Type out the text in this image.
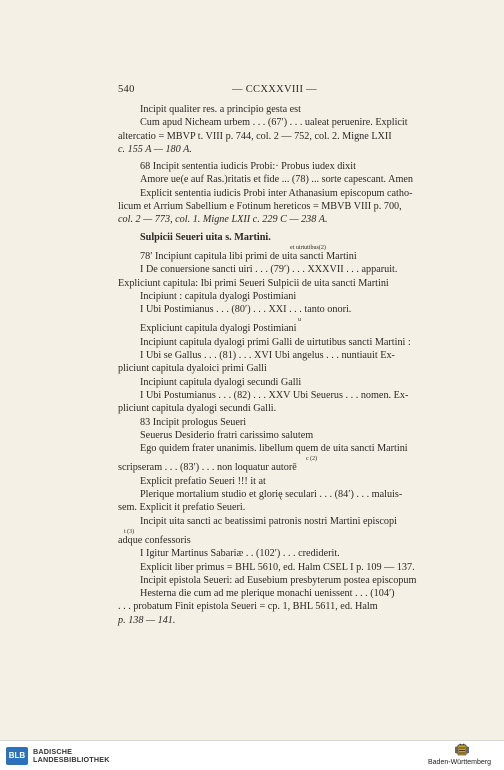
540	— CCXXXVIII —

Incipit qualiter res. a principio gesta est

Cum apud Nicheam urbem . . . (67′) . . . ualeat peruenire. Explicit

altercatio = MBVP t. VIII p. 744, col. 2 — 752, col. 2. Migne LXII

c. 155 A — 180 A.

68 Incipit sententia iudicis Probi:· Probus iudex dixit

Amore ue(e auf Ras.)ritatis et fide ... (78) ... sorte capescant. Amen

Explicit sententia iudicis Probi inter Athanasium episcopum catho-

licum et Arrium Sabellium e Fotinum hereticos = MBVB VIII p. 700,

col. 2 — 773, col. 1. Migne LXII c. 229 C — 238 A.

Sulpicii Seueri uita s. Martini.

et uirtutibus(2)

78′ Incipiunt capitula libi primi de uita sancti Martini

I De conuersione sancti uiri . . . (79′) . . . XXXVII . . . apparuit.

Expliciunt capitula: Ibi primi Seueri Sulpicii de uita sancti Martini

Incipiunt : capitula dyalogi Postimiani

I Ubi Postimianus . . . (80′) . . . XXI . . . tanto onori.

u

Expliciunt capitula dyalogi Postimiani

Incipiunt capitula dyalogi primi Galli de uirtutibus sancti Martini :

I Ubi se Gallus . . . (81) . . . XVI Ubi angelus . . . nuntiauit Ex-

pliciunt capitula dyaloici primi Galli

Incipiunt capitula dyalogi secundi Galli

I Ubi Postumianus . . . (82) . . . XXV Ubi Seuerus . . . nomen. Ex-

pliciunt capitula dyalogi secundi Galli.

83 Incipit prologus Seueri

Seuerus Desiderio fratri carissimo salutem

Ego quidem frater unanimis. libellum quem de uita sancti Martini

c (2)

scripseram . . . (83′) . . . non loquatur autorē

Explicit prefatio Seueri !!! it at

Plerique mortalium studio et glorię seculari . . . (84′) . . . maluis-

sem. Explicit it prefatio Seueri.

Incipit uita sancti ac beatissimi patronis nostri Martini episcopi

t (3)

adque confessoris

I Igitur Martinus Sabariæ . . (102′) . . . crediderit.

Explicit liber primus = BHL 5610, ed. Halm CSEL I p. 109 — 137.

Incipit epistola Seueri: ad Eusebium presbyterum postea episcopum

Hesterna die cum ad me plerique monachi uenissent . . . (104′)

. . . probatum Finit epistola Seueri = cp. 1, BHL 5611, ed. Halm

p. 138 — 141.

BLB	BADISCHE
LANDESBIBLIOTHEK	Baden-Württemberg
